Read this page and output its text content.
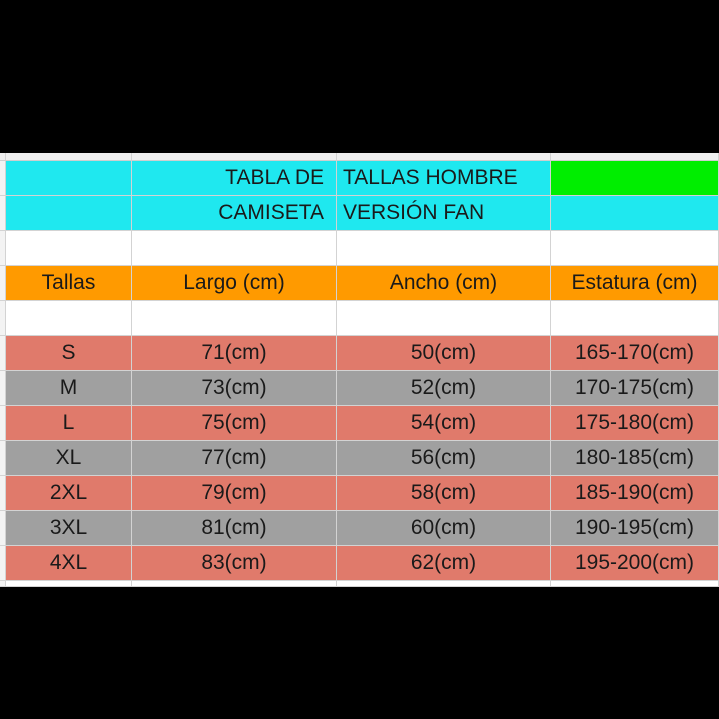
TABLA DE TALLAS HOMBRE
CAMISETA VERSIÓN FAN
Tallas	Largo (cm)	Ancho (cm)	Estatura (cm)
S	71(cm)	50(cm)	165-170(cm)
M	73(cm)	52(cm)	170-175(cm)
L	75(cm)	54(cm)	175-180(cm)
XL	77(cm)	56(cm)	180-185(cm)
2XL	79(cm)	58(cm)	185-190(cm)
3XL	81(cm)	60(cm)	190-195(cm)
4XL	83(cm)	62(cm)	195-200(cm)
